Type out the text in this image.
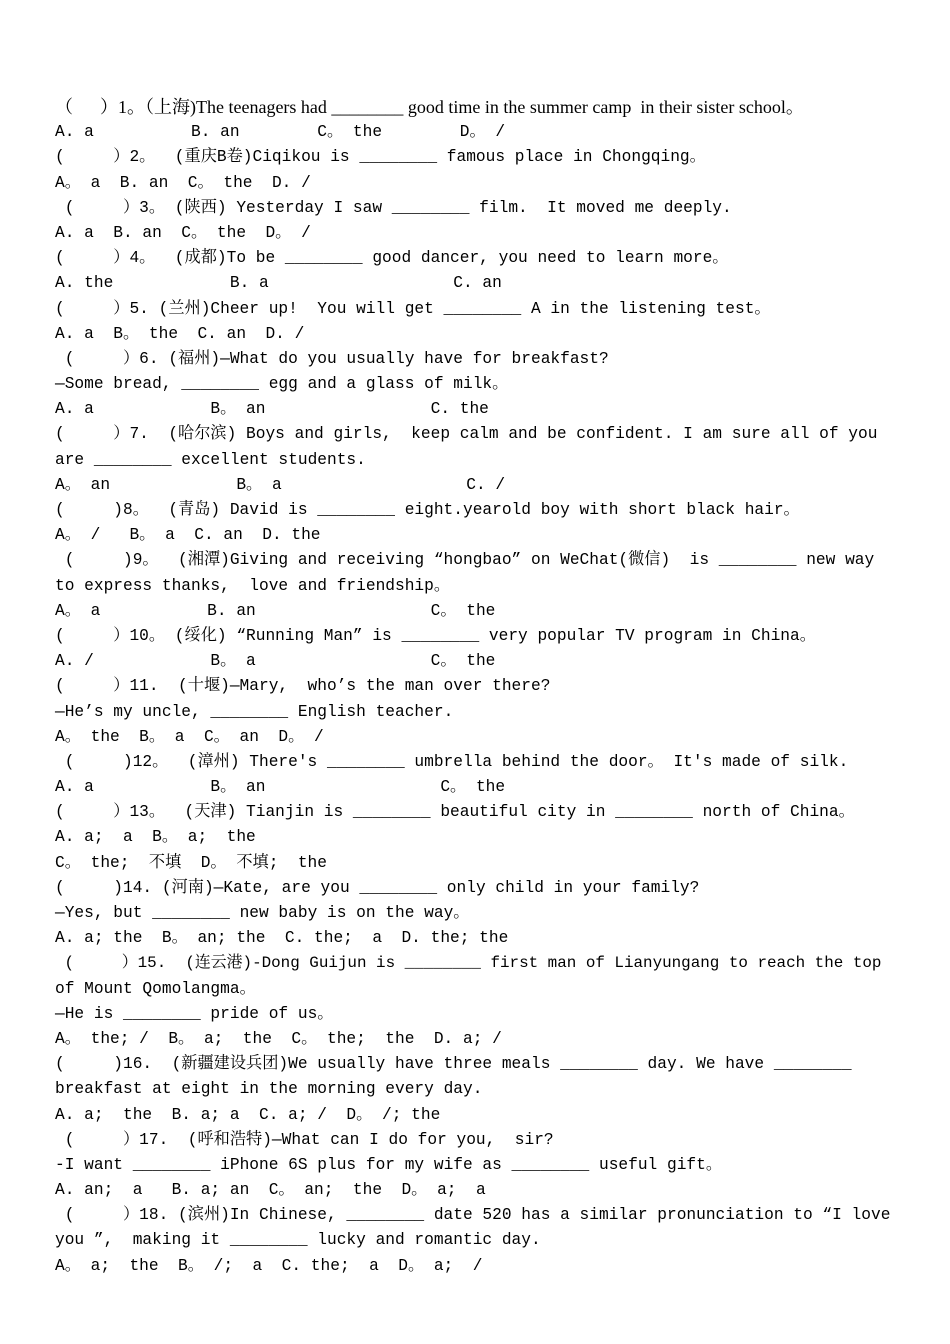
（      ）1。（上海)The teenagers had ________ good time in the summer camp  in their sister school。
A. a          B. an        C。 the        D。 /
(     ）2。  (重庆B卷)Ciqikou is ________ famous place in Chongqing。
A。 a  B. an  C。 the  D. /
(     ）3。 (陕西) Yesterday I saw ________ film.  It moved me deeply.
A. a  B. an  C。 the  D。 /
(     ）4。  (成都)To be ________ good dancer, you need to learn more。
A. the            B. a                   C. an
(     ）5. (兰州)Cheer up!  You will get ________ A in the listening test。
A. a  B。 the  C. an  D. /
(     ）6. (福州)—What do you usually have for breakfast?
—Some bread, ________ egg and a glass of milk。
A. a            B。 an                 C. the
(     ）7.  (哈尔滨) Boys and girls,  keep calm and be confident. I am sure all of you
are ________ excellent students.
A。 an             B。 a                   C. /
(     )8。  (青岛) David is ________ eight.yearold boy with short black hair。
A。 /   B。 a  C. an  D. the
(     )9。  (湘潭)Giving and receiving “hongbao” on WeChat(微信)  is ________ new way
to express thanks,  love and friendship。
A。 a           B. an                  C。 the
(     ）10。 (绥化) “Running Man” is ________ very popular TV program in China。
A. /            B。 a                  C。 the
(     ）11.  (十堰)—Mary,  who’s the man over there?
—He’s my uncle, ________ English teacher.
A。 the  B。 a  C。 an  D。 /
(     )12。  (漳州) There's ________ umbrella behind the door。 It's made of silk.
A. a            B。 an                  C。 the
(     ）13。  (天津) Tianjin is ________ beautiful city in ________ north of China。
A. a;  a  B。 a;  the
C。 the;  不填  D。 不填;  the
(     )14. (河南)—Kate, are you ________ only child in your family?
—Yes, but ________ new baby is on the way。
A. a; the  B。 an; the  C. the;  a  D. the; the
(     ）15.  (连云港)-Dong Guijun is ________ first man of Lianyungang to reach the top
of Mount Qomolangma。
—He is ________ pride of us。
A。 the; /  B。 a;  the  C。 the;  the  D. a; /
(     )16.  (新疆建设兵团)We usually have three meals ________ day. We have ________
breakfast at eight in the morning every day.
A. a;  the  B. a; a  C. a; /  D。 /; the
(     ）17.  (呼和浩特)—What can I do for you,  sir?
-I want ________ iPhone 6S plus for my wife as ________ useful gift。
A. an;  a   B. a; an  C。 an;  the  D。 a;  a
(     ）18. (滨州)In Chinese, ________ date 520 has a similar pronunciation to “I love
you ”,  making it ________ lucky and romantic day.
A。 a;  the  B。 /;  a  C. the;  a  D。 a;  /
